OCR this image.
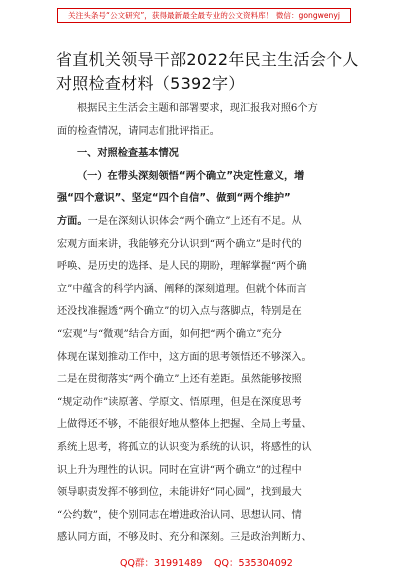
关注头条号“公文研究”，获得最新最全最专业的公文资料库！ 微信：gongwenyj
省直机关领导干部2022年民主生活会个人
对照检查材料（5392字）
根据民主生活会主题和部署要求，现汇报我对照6个方
面的检查情况，请同志们批评指正。
一、对照检查基本情况
（一）在带头深刻领悟“两个确立”决定性意义，增
强“四个意识”、坚定“四个自信”、做到“两个维护”
方面。一是在深刻认识体会“两个确立”上还有不足。从
宏观方面来讲，我能够充分认识到“两个确立”是时代的
呼唤、是历史的选择、是人民的期盼，理解掌握“两个确
立”中蕴含的科学内涵、阐释的深刻道理。但就个体而言
还没找准握透“两个确立”的切入点与落脚点，特别是在
“宏观”与“微观”结合方面，如何把“两个确立”充分
体现在谋划推动工作中，这方面的思考领悟还不够深入。
二是在贯彻落实“两个确立”上还有差距。虽然能够按照
“规定动作”读原著、学原文、悟原理，但是在深度思考
上做得还不够，不能很好地从整体上把握、全局上考量、
系统上思考，将孤立的认识变为系统的认识，将感性的认
识上升为理性的认识。同时在宣讲“两个确立”的过程中
领导职责发挥不够到位，未能讲好“同心圆”，找到最大
“公约数”，使个别同志在增进政治认同、思想认同、情
感认同方面，不够及时、充分和深刻。三是政治判断力、
QQ群：31991489 QQ：535304092
